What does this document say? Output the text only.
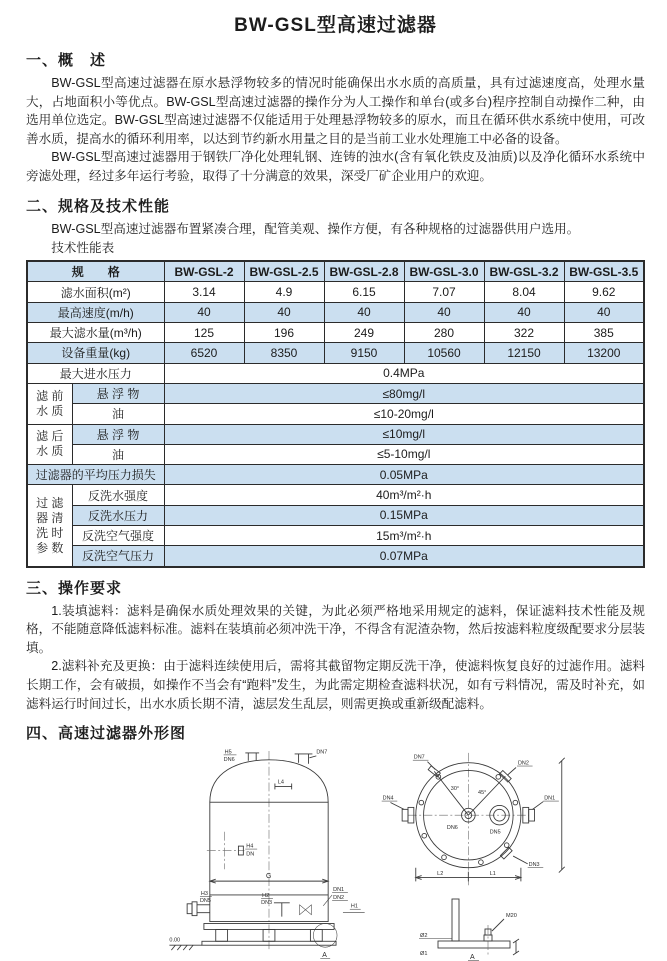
BW-GSL型高速过滤器
一、概　述

BW-GSL型高速过滤器在原水悬浮物较多的情况时能确保出水水质的高质量，具有过滤速度高，处理水量大，占地面积小等优点。BW-GSL型高速过滤器的操作分为人工操作和单台(或多台)程序控制自动操作二种，由选用单位选定。BW-GSL型高速过滤器不仅能适用于处理悬浮物较多的原水，而且在循环供水系统中使用，可改善水质，提高水的循环利用率，以达到节约新水用量之目的是当前工业水处理施工中必备的设备。

BW-GSL型高速过滤器用于钢铁厂净化处理轧钢、连铸的浊水(含有氧化铁皮及油质)以及净化循环水系统中旁滤处理，经过多年运行考验，取得了十分满意的效果，深受厂矿企业用户的欢迎。

二、规格及技术性能

BW-GSL型高速过滤器布置紧凑合理，配管美观、操作方便，有各种规格的过滤器供用户选用。

技术性能表
规　　格		BW-GSL-2	BW-GSL-2.5	BW-GSL-2.8	BW-GSL-3.0	BW-GSL-3.2	BW-GSL-3.5
滤水面积(m²)		3.14	4.9	6.15	7.07	8.04	9.62
最高速度(m/h)		40	40	40	40	40	40
最大滤水量(m³/h)		125	196	249	280	322	385
设备重量(kg)		6520	8350	9150	10560	12150	13200
最大进水压力		0.4MPa					
滤 前
水 质	悬 浮 物	≤80mg/l					
	油	≤10-20mg/l					
滤 后
水 质	悬 浮 物	≤10mg/l					
	油	≤5-10mg/l					
过滤器的平均压力损失		0.05MPa					
过 滤
器 清
洗 时
参 数	反洗水强度	40m³/m²·h					
	反洗水压力	0.15MPa					
	反洗空气强度	15m³/m²·h					
	反洗空气压力	0.07MPa					
三、操作要求

1.装填滤料：滤料是确保水质处理效果的关键，为此必须严格地采用规定的滤料，保证滤料技术性能及规格，不能随意降低滤料标准。滤料在装填前必须冲洗干净，不得含有泥渣杂物，然后按滤料粒度级配要求分层装填。

2.滤料补充及更换：由于滤料连续使用后，需将其截留物定期反洗干净，使滤料恢复良好的过滤作用。滤料长期工作，会有破损，如操作不当会有“跑料”发生，为此需定期检查滤料状况，如有亏料情况，需及时补充，如滤料运行时间过长，出水水质长期不清，滤层发生乱层，则需更换或重新级配滤料。

四、高速过滤器外形图
H5
DN6
DN7
L4
H4
DN
G
H3
DN5
H2
DN3
DN1
DN2
H1
0.00
A
DN6
DN5
DN7
DN2
30°
45°
DN4	DN1
DN3
L2	L1
M20
Ø2
Ø1	A
